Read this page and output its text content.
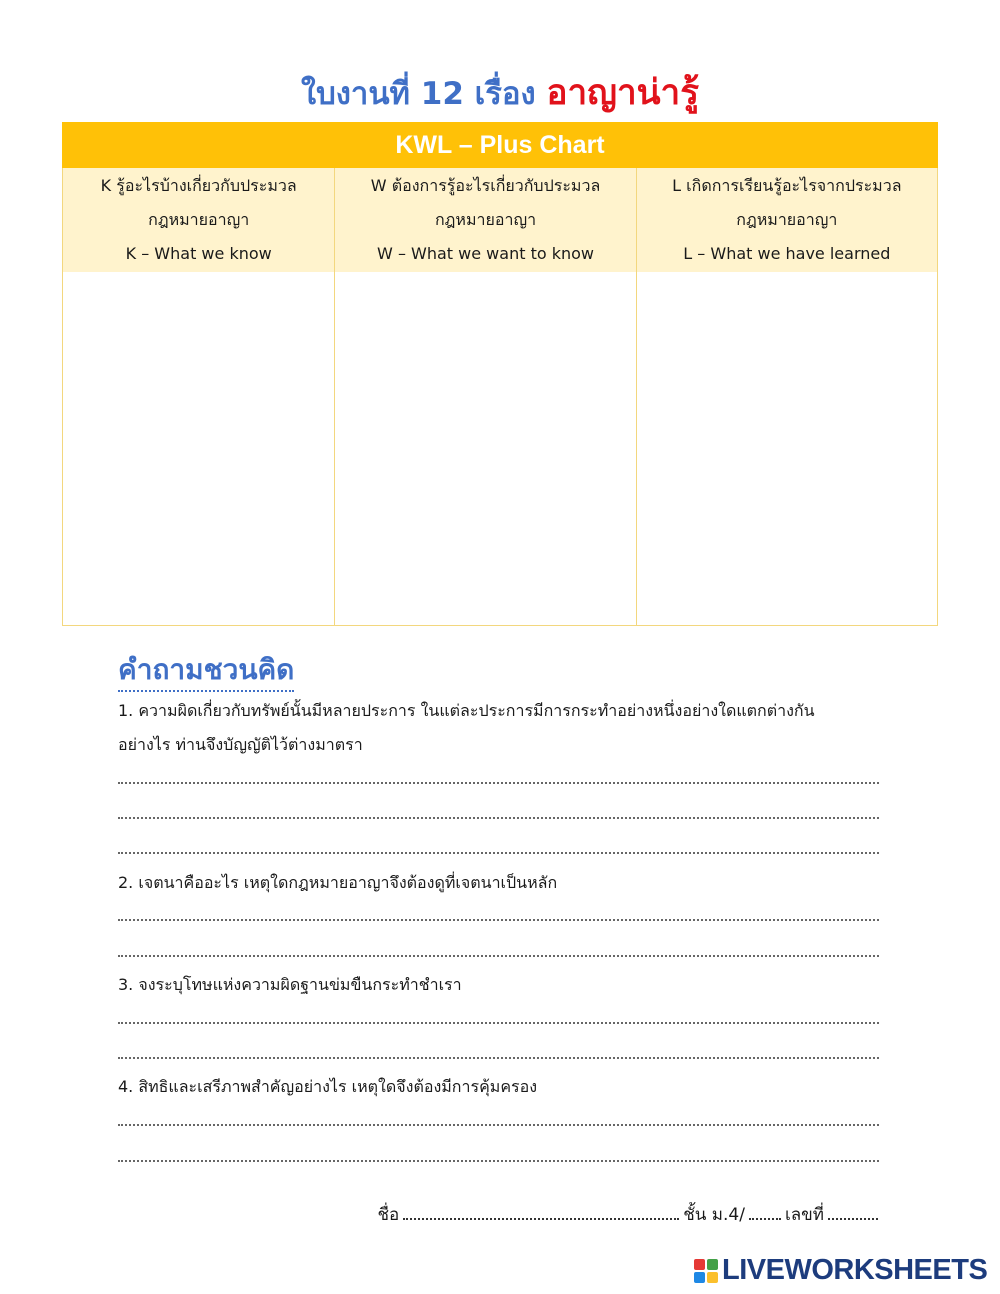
ใบงานที่ 12 เรื่อง อาญาน่ารู้
KWL – Plus Chart
K รู้อะไรบ้างเกี่ยวกับประมวล
กฎหมายอาญา
K – What we know
W ต้องการรู้อะไรเกี่ยวกับประมวล
กฎหมายอาญา
W – What we want to know
L เกิดการเรียนรู้อะไรจากประมวล
กฎหมายอาญา
L – What we have learned
คำถามชวนคิด
1. ความผิดเกี่ยวกับทรัพย์นั้นมีหลายประการ ในแต่ละประการมีการกระทำอย่างหนึ่งอย่างใดแตกต่างกัน
อย่างไร ท่านจึงบัญญัติไว้ต่างมาตรา
2. เจตนาคืออะไร เหตุใดกฎหมายอาญาจึงต้องดูที่เจตนาเป็นหลัก
3. จงระบุโทษแห่งความผิดฐานข่มขืนกระทำชำเรา
4. สิทธิและเสรีภาพสำคัญอย่างไร เหตุใดจึงต้องมีการคุ้มครอง
ชื่อ	ชั้น ม.4/ เลขที่
LIVEWORKSHEETS
